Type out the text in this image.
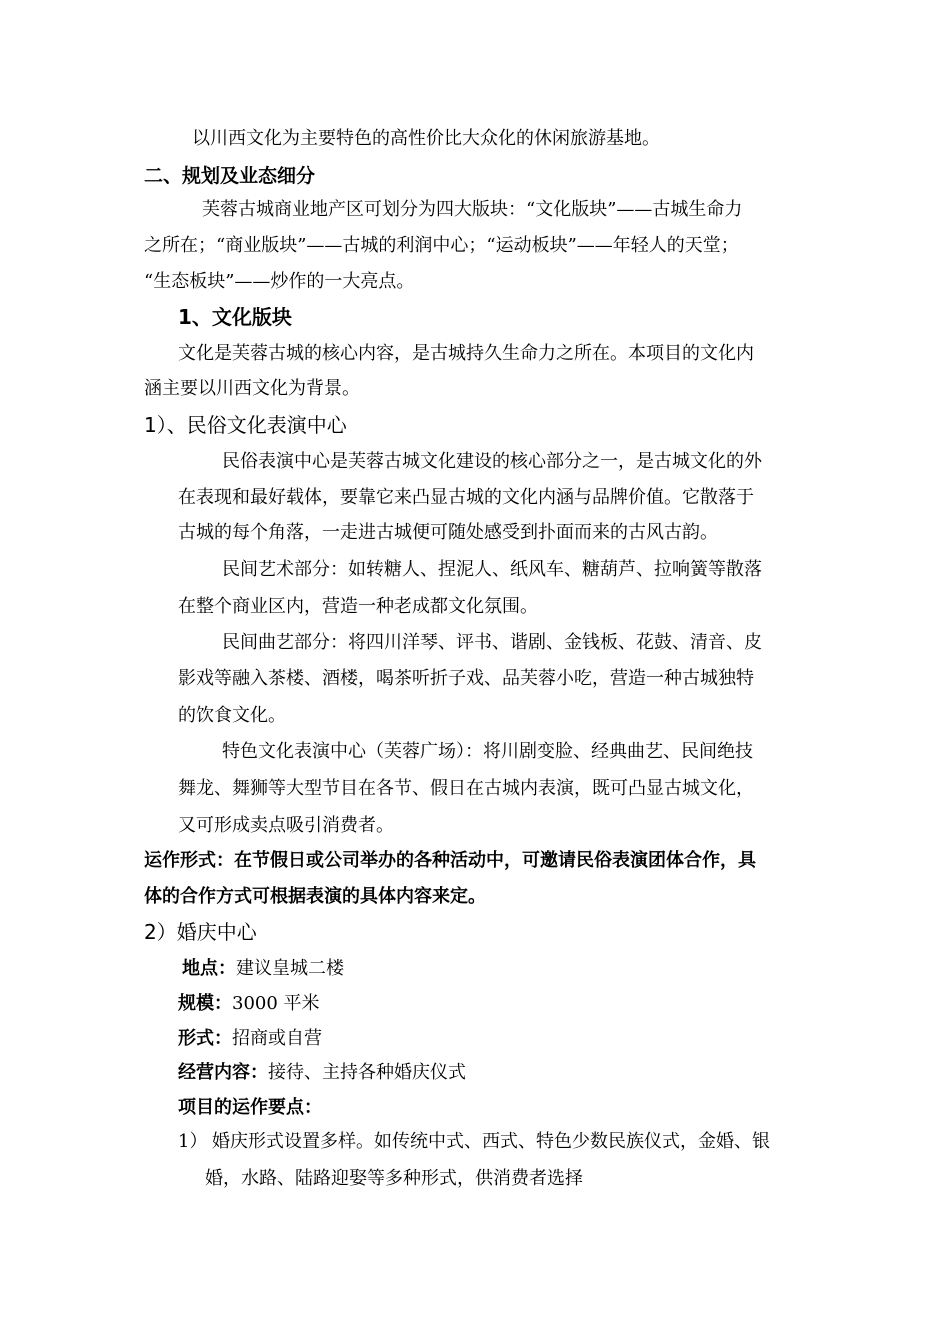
以川西文化为主要特色的高性价比大众化的休闲旅游基地。
二、规划及业态细分
芙蓉古城商业地产区可划分为四大版块：“文化版块”——古城生命力
之所在；“商业版块”——古城的利润中心；“运动板块”——年轻人的天堂；
“生态板块”——炒作的一大亮点。
1、文化版块
文化是芙蓉古城的核心内容，是古城持久生命力之所在。本项目的文化内
涵主要以川西文化为背景。
1）、民俗文化表演中心
民俗表演中心是芙蓉古城文化建设的核心部分之一，是古城文化的外
在表现和最好载体，要靠它来凸显古城的文化内涵与品牌价值。它散落于
古城的每个角落，一走进古城便可随处感受到扑面而来的古风古韵。
民间艺术部分：如转糖人、捏泥人、纸风车、糖葫芦、拉响簧等散落
在整个商业区内，营造一种老成都文化氛围。
民间曲艺部分：将四川洋琴、评书、谐剧、金钱板、花鼓、清音、皮
影戏等融入茶楼、酒楼，喝茶听折子戏、品芙蓉小吃，营造一种古城独特
的饮食文化。
特色文化表演中心（芙蓉广场）：将川剧变脸、经典曲艺、民间绝技
舞龙、舞狮等大型节目在各节、假日在古城内表演，既可凸显古城文化，
又可形成卖点吸引消费者。
运作形式：在节假日或公司举办的各种活动中，可邀请民俗表演团体合作，具
体的合作方式可根据表演的具体内容来定。
2）婚庆中心
地点：建议皇城二楼
规模：3000 平米
形式：招商或自营
经营内容：接待、主持各种婚庆仪式
项目的运作要点：
1） 婚庆形式设置多样。如传统中式、西式、特色少数民族仪式，金婚、银
婚，水路、陆路迎娶等多种形式，供消费者选择
